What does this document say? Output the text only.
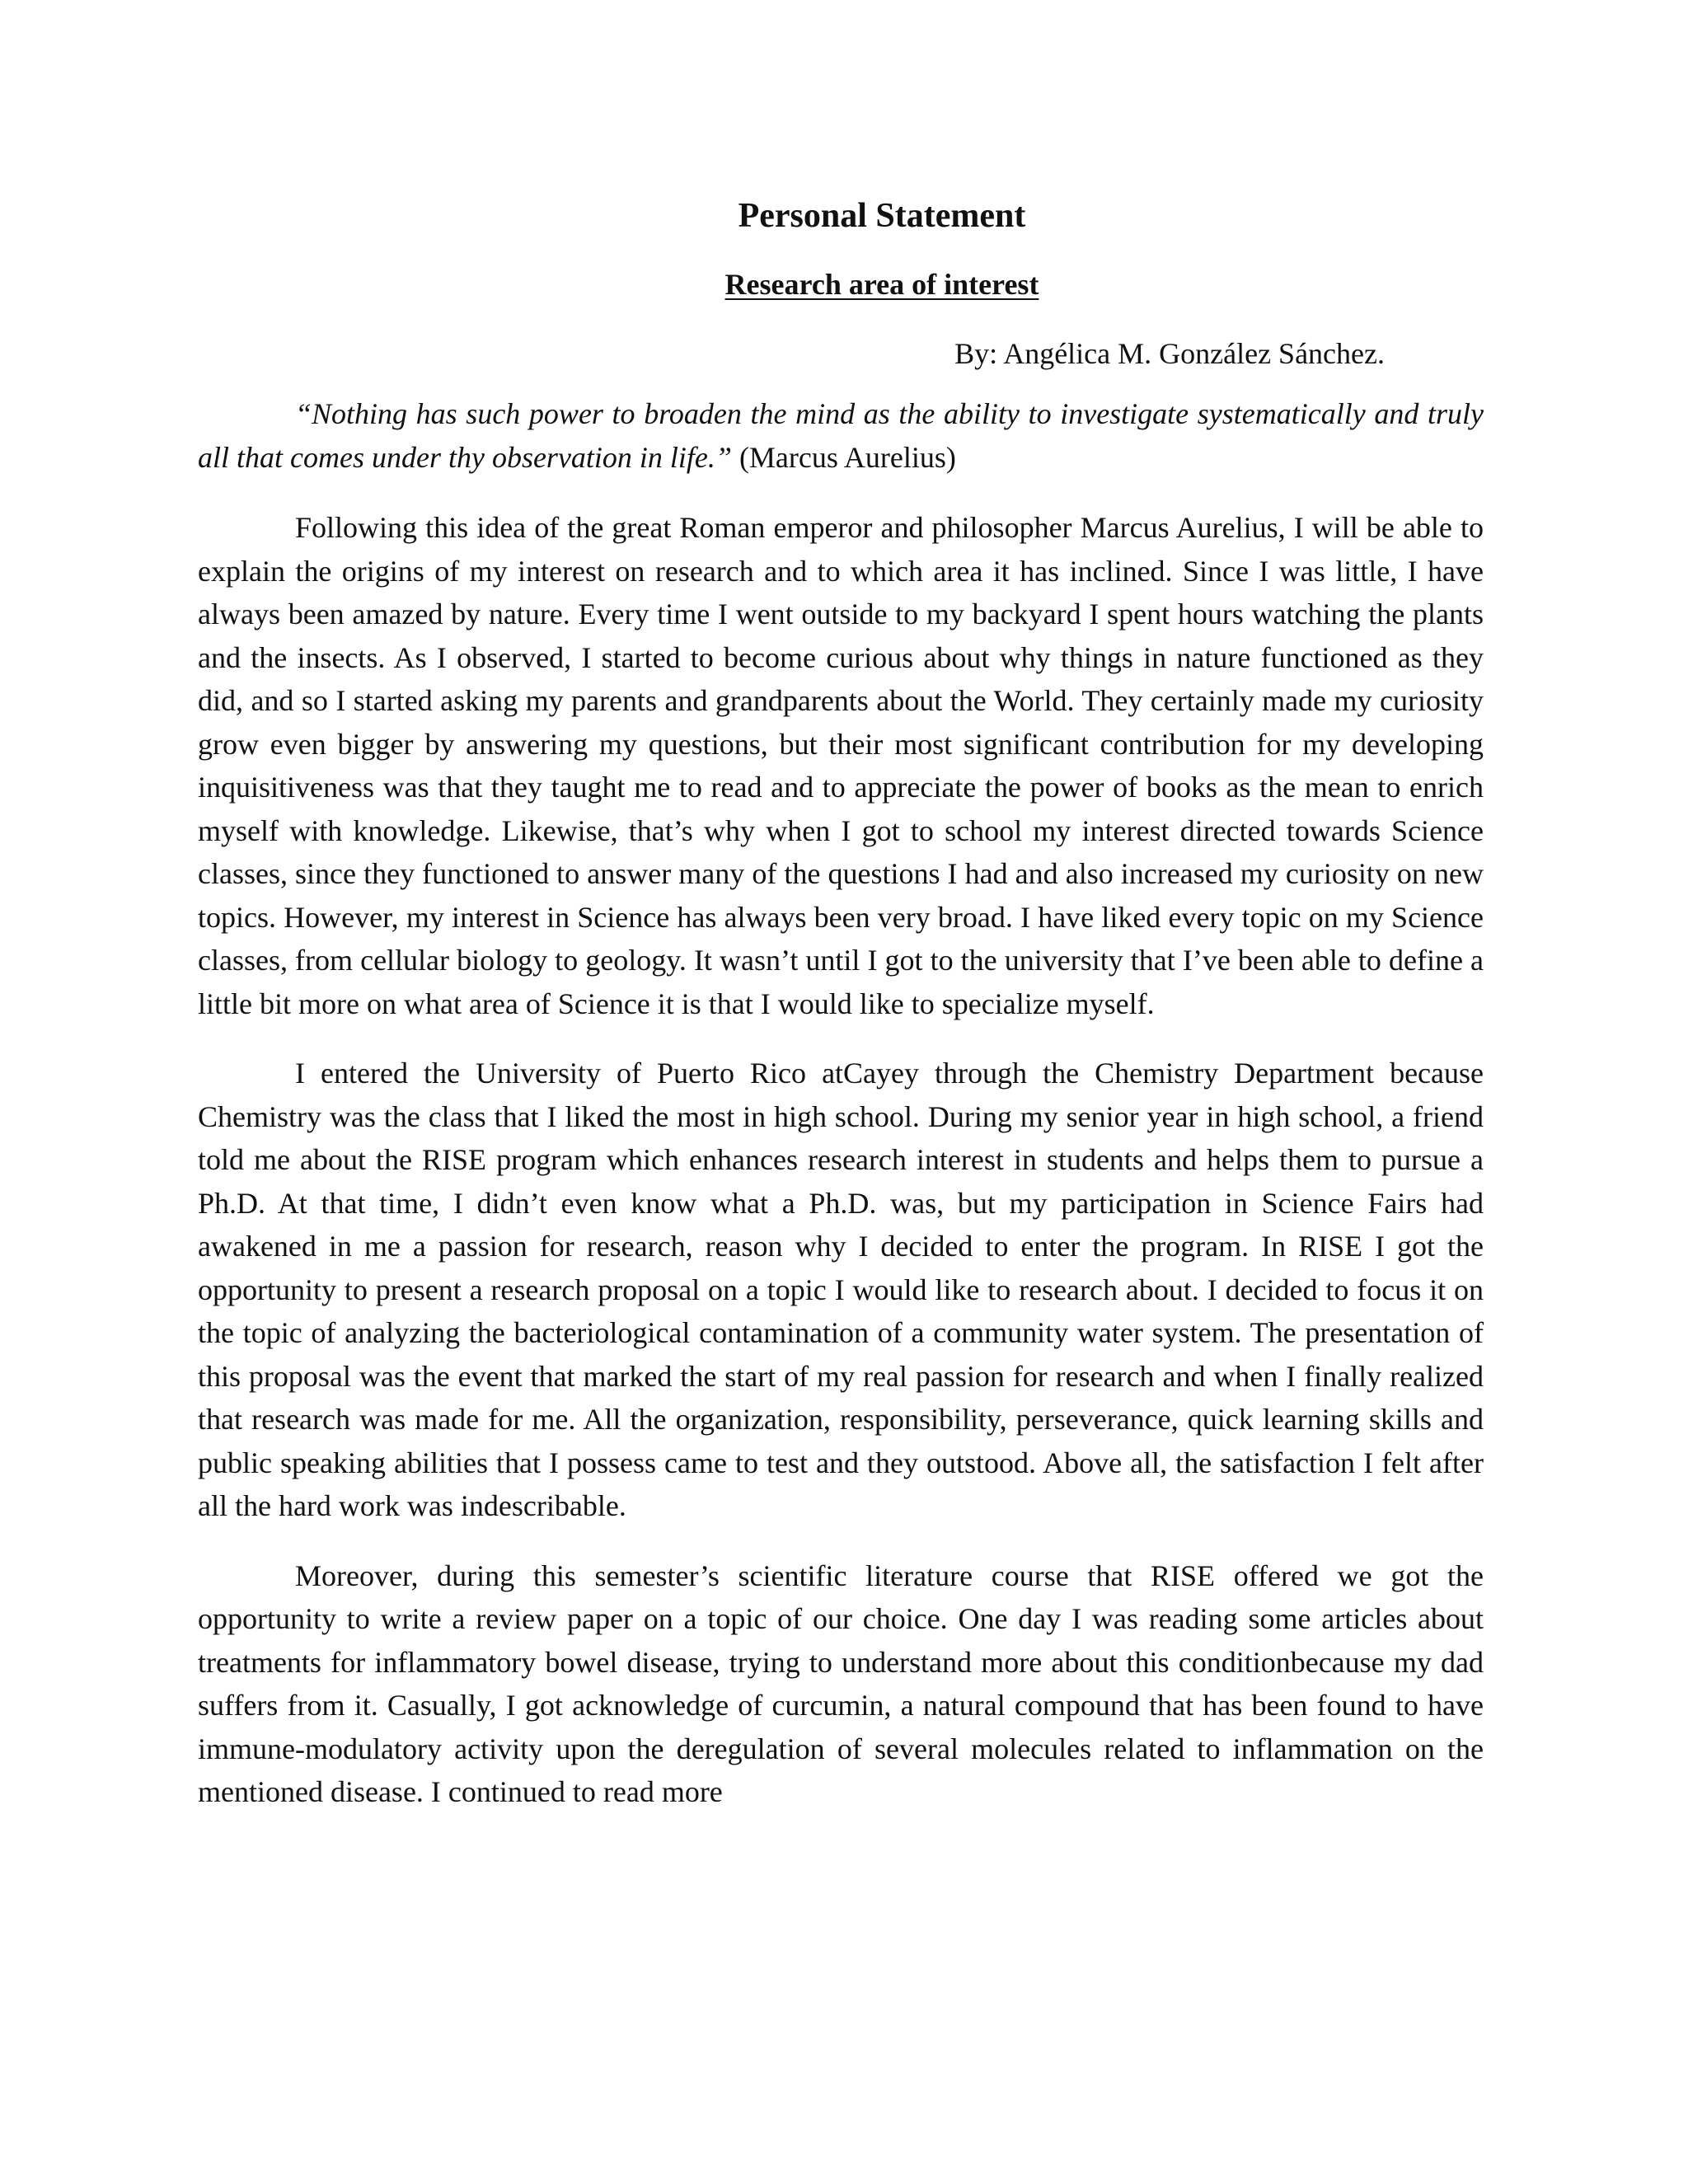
Personal Statement
Research area of interest

By: Angélica M. González Sánchez.

“Nothing has such power to broaden the mind as the ability to investigate systematically and truly all that comes under thy observation in life.” (Marcus Aurelius)

Following this idea of the great Roman emperor and philosopher Marcus Aurelius, I will be able to explain the origins of my interest on research and to which area it has inclined. Since I was little, I have always been amazed by nature. Every time I went outside to my backyard I spent hours watching the plants and the insects. As I observed, I started to become curious about why things in nature functioned as they did, and so I started asking my parents and grandparents about the World. They certainly made my curiosity grow even bigger by answering my questions, but their most significant contribution for my developing inquisitiveness was that they taught me to read and to appreciate the power of books as the mean to enrich myself with knowledge. Likewise, that’s why when I got to school my interest directed towards Science classes, since they functioned to answer many of the questions I had and also increased my curiosity on new topics. However, my interest in Science has always been very broad. I have liked every topic on my Science classes, from cellular biology to geology. It wasn’t until I got to the university that I’ve been able to define a little bit more on what area of Science it is that I would like to specialize myself.

I entered the University of Puerto Rico atCayey through the Chemistry Department because Chemistry was the class that I liked the most in high school. During my senior year in high school, a friend told me about the RISE program which enhances research interest in students and helps them to pursue a Ph.D. At that time, I didn’t even know what a Ph.D. was, but my participation in Science Fairs had awakened in me a passion for research, reason why I decided to enter the program. In RISE I got the opportunity to present a research proposal on a topic I would like to research about. I decided to focus it on the topic of analyzing the bacteriological contamination of a community water system. The presentation of this proposal was the event that marked the start of my real passion for research and when I finally realized that research was made for me. All the organization, responsibility, perseverance, quick learning skills and public speaking abilities that I possess came to test and they outstood. Above all, the satisfaction I felt after all the hard work was indescribable.

Moreover, during this semester’s scientific literature course that RISE offered we got the opportunity to write a review paper on a topic of our choice. One day I was reading some articles about treatments for inflammatory bowel disease, trying to understand more about this conditionbecause my dad suffers from it. Casually, I got acknowledge of curcumin, a natural compound that has been found to have immune-modulatory activity upon the deregulation of several molecules related to inflammation on the mentioned disease. I continued to read more
